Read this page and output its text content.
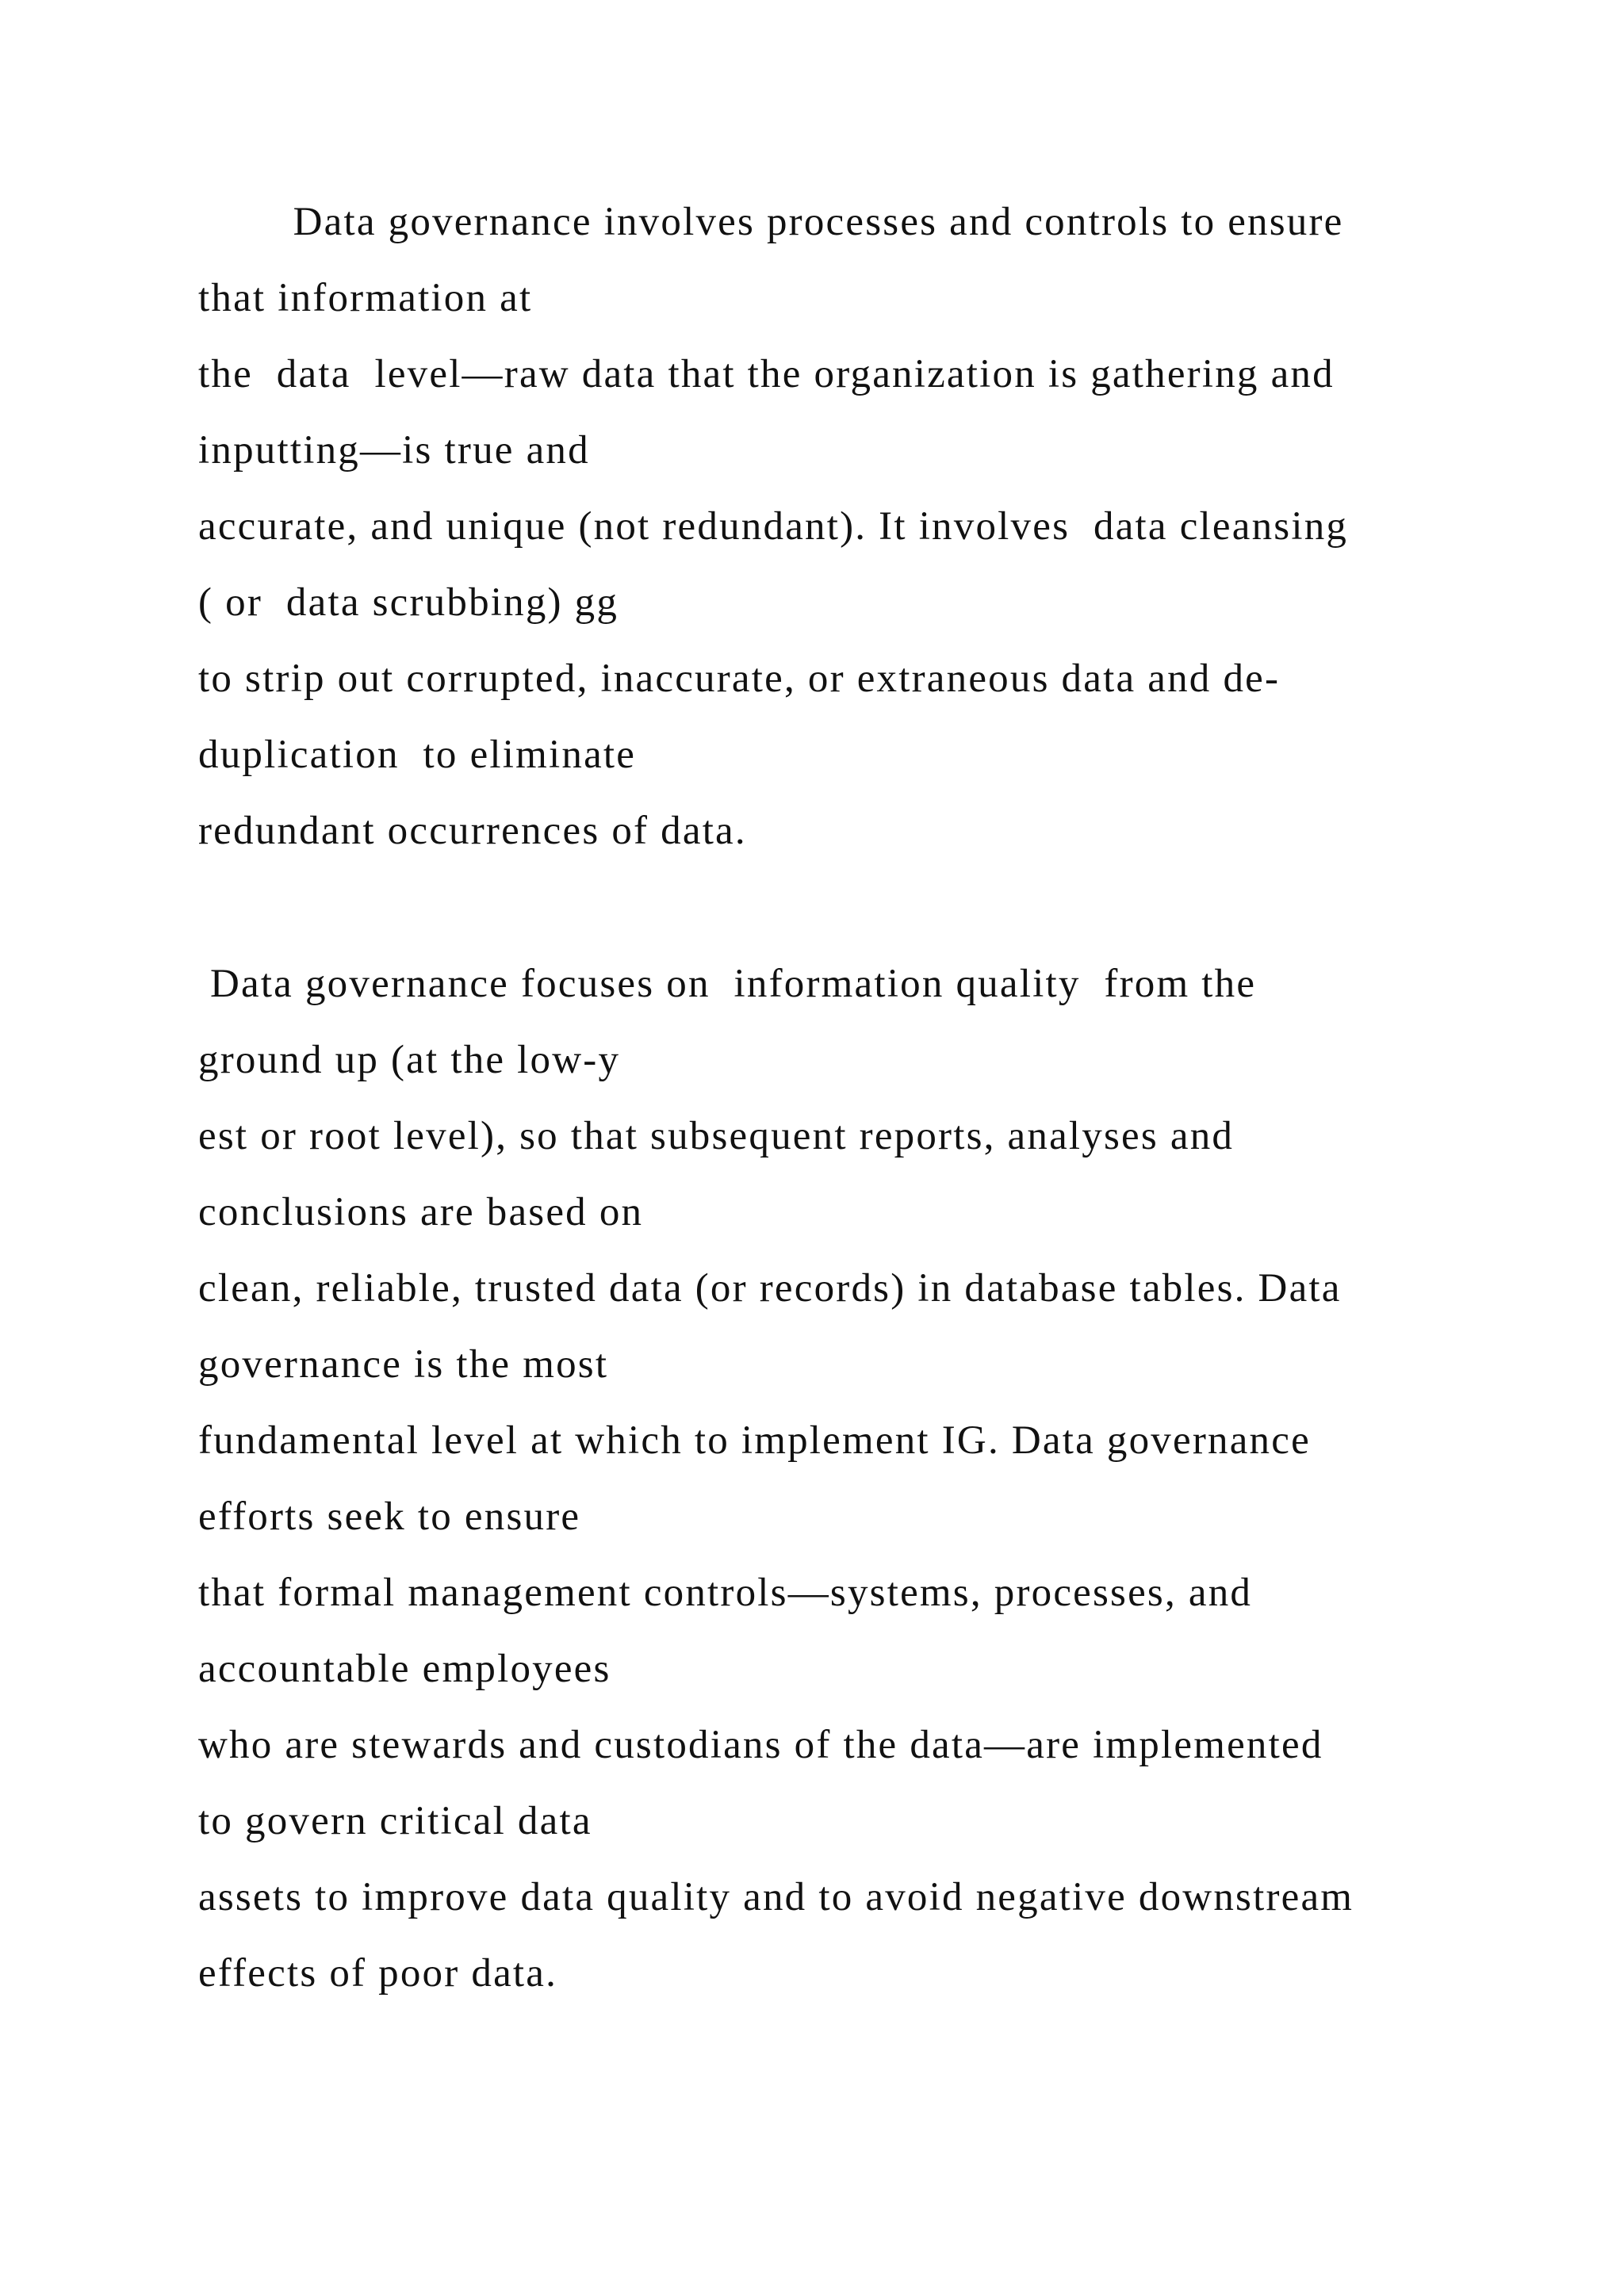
Data governance involves processes and controls to ensure
that information at
the  data  level—raw data that the organization is gathering and
inputting—is true and
accurate, and unique (not redundant). It involves  data cleansing
( or  data scrubbing) gg
to strip out corrupted, inaccurate, or extraneous data and de-
duplication  to eliminate
redundant occurrences of data.
Data governance focuses on  information quality  from the
ground up (at the low-y
est or root level), so that subsequent reports, analyses and
conclusions are based on
clean, reliable, trusted data (or records) in database tables. Data
governance is the most
fundamental level at which to implement IG. Data governance
efforts seek to ensure
that formal management controls—systems, processes, and
accountable employees
who are stewards and custodians of the data—are implemented
to govern critical data
assets to improve data quality and to avoid negative downstream
effects of poor data.
